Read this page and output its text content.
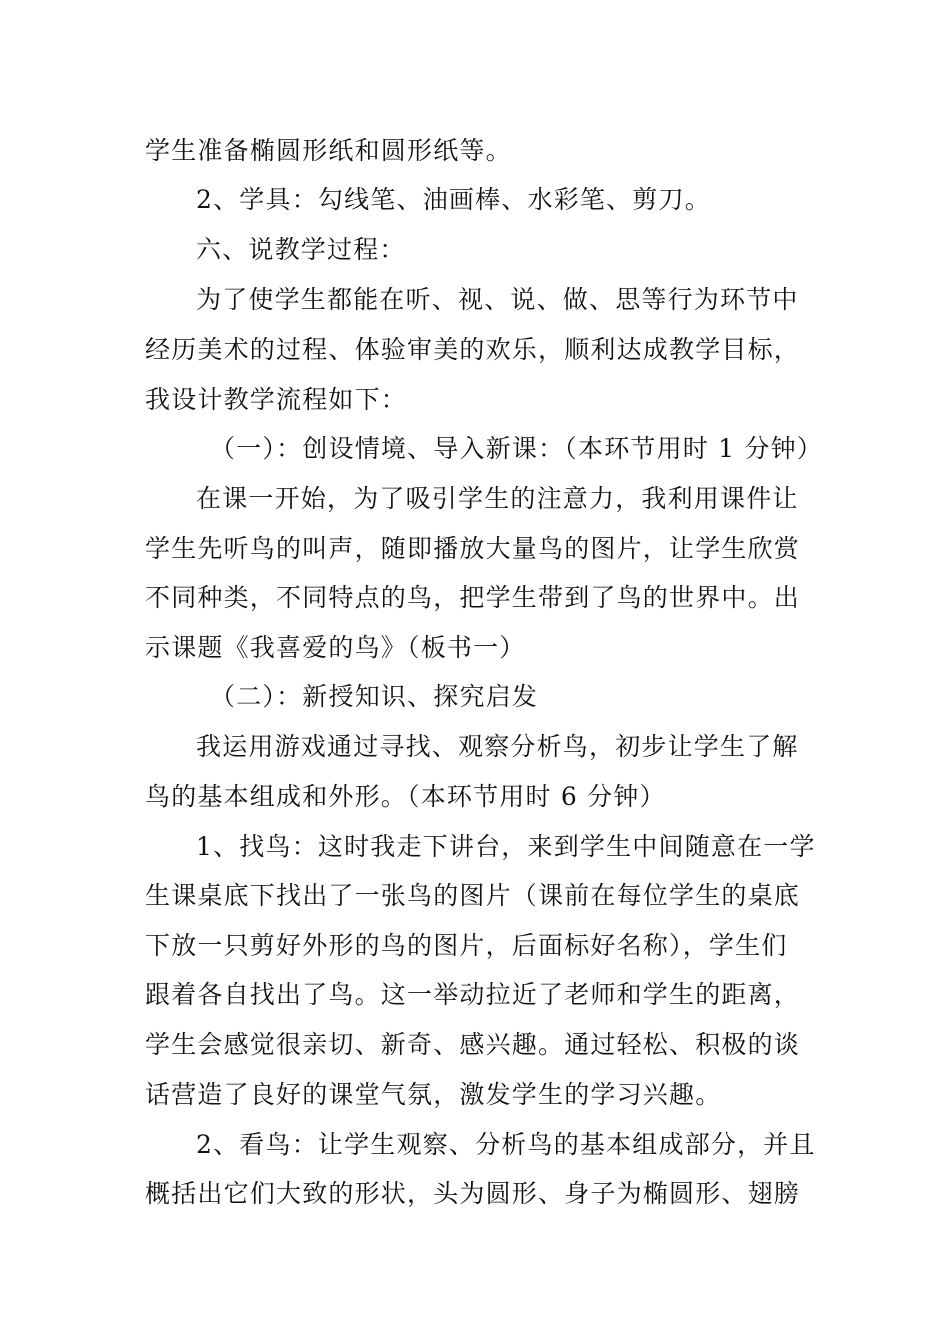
学生准备椭圆形纸和圆形纸等。
2、学具：勾线笔、油画棒、水彩笔、剪刀。
六、说教学过程：
为了使学生都能在听、视、说、做、思等行为环节中
经历美术的过程、体验审美的欢乐，顺利达成教学目标，
我设计教学流程如下：
（一）：创设情境、导入新课：（本环节用时 1 分钟）
在课一开始，为了吸引学生的注意力，我利用课件让
学生先听鸟的叫声，随即播放大量鸟的图片，让学生欣赏
不同种类，不同特点的鸟，把学生带到了鸟的世界中。出
示课题《我喜爱的鸟》（板书一）
（二）：新授知识、探究启发
我运用游戏通过寻找、观察分析鸟，初步让学生了解
鸟的基本组成和外形。（本环节用时 6 分钟）
1、找鸟：这时我走下讲台，来到学生中间随意在一学
生课桌底下找出了一张鸟的图片（课前在每位学生的桌底
下放一只剪好外形的鸟的图片，后面标好名称），学生们
跟着各自找出了鸟。这一举动拉近了老师和学生的距离，
学生会感觉很亲切、新奇、感兴趣。通过轻松、积极的谈
话营造了良好的课堂气氛，激发学生的学习兴趣。
2、看鸟：让学生观察、分析鸟的基本组成部分，并且
概括出它们大致的形状，头为圆形、身子为椭圆形、翅膀
